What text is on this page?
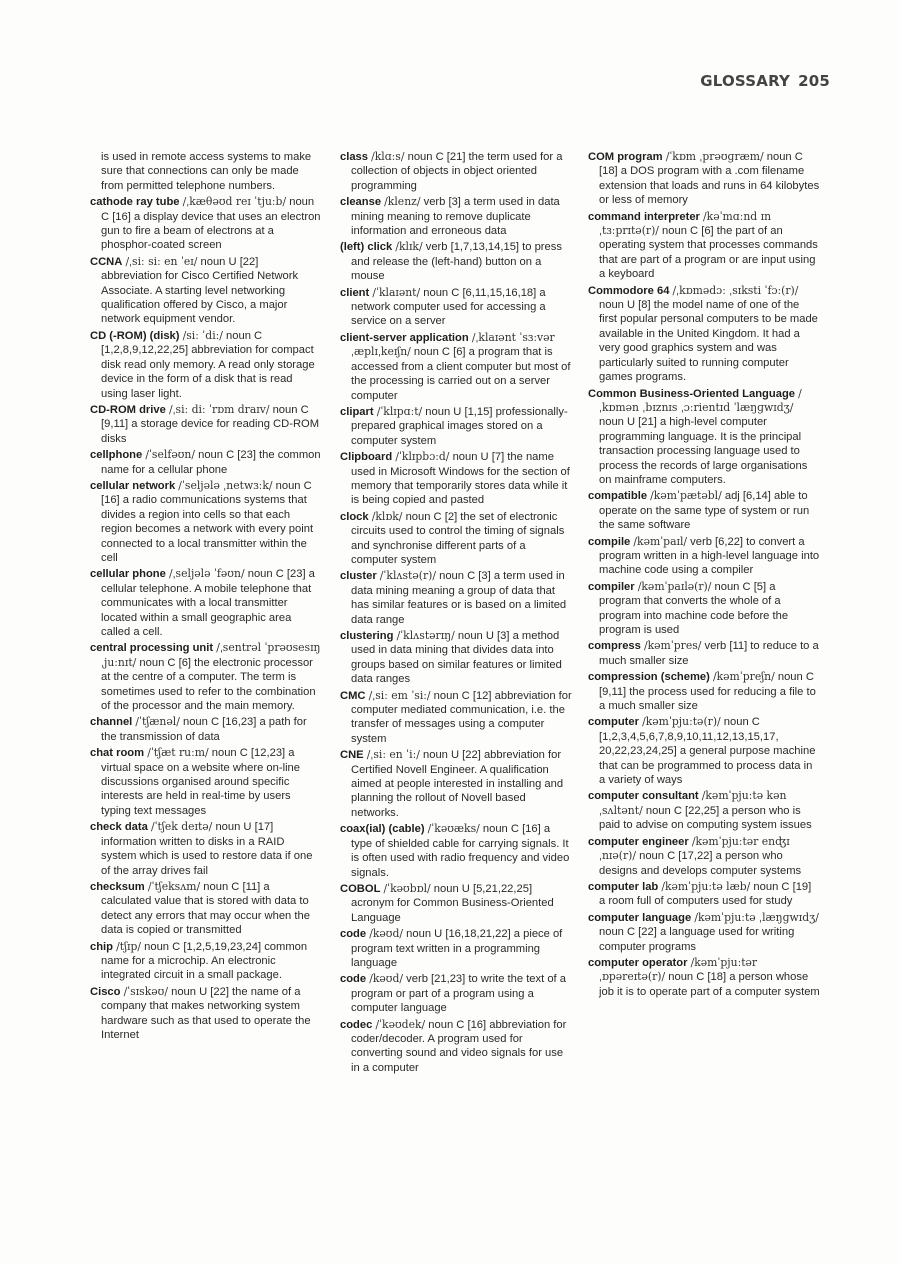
GLOSSARY 205

is used in remote access systems to make sure that connections can only be made from permitted telephone numbers.

cathode ray tube /ˌkæθəʊd reɪ ˈtjuːb/ noun C [16] a display device that uses an electron gun to fire a beam of electrons at a phosphor-coated screen

CCNA /ˌsiː siː en ˈeɪ/ noun U [22] abbreviation for Cisco Certified Network Associate. A starting level networking qualification offered by Cisco, a major network equipment vendor.

CD (-ROM) (disk) /siː ˈdiː/ noun C [1,2,8,9,12,22,25] abbreviation for compact disk read only memory. A read only storage device in the form of a disk that is read using laser light.

CD-ROM drive /ˌsiː diː ˈrɒm draɪv/ noun C [9,11] a storage device for reading CD-ROM disks

cellphone /ˈselfəʊn/ noun C [23] the common name for a cellular phone

cellular network /ˈseljələ ˌnetwɜːk/ noun C [16] a radio communications systems that divides a region into cells so that each region becomes a network with every point connected to a local transmitter within the cell

cellular phone /ˌseljələ ˈfəʊn/ noun C [23] a cellular telephone. A mobile telephone that communicates with a local transmitter located within a small geographic area called a cell.

central processing unit /ˌsentrəl ˈprəʊsesɪŋ ˌjuːnɪt/ noun C [6] the electronic processor at the centre of a computer. The term is sometimes used to refer to the combination of the processor and the main memory.

channel /ˈtʃænəl/ noun C [16,23] a path for the transmission of data

chat room /ˈtʃæt ruːm/ noun C [12,23] a virtual space on a website where on-line discussions organised around specific interests are held in real-time by users typing text messages

check data /ˈtʃek deɪtə/ noun U [17] information written to disks in a RAID system which is used to restore data if one of the array drives fail

checksum /ˈtʃeksʌm/ noun C [11] a calculated value that is stored with data to detect any errors that may occur when the data is copied or transmitted

chip /tʃɪp/ noun C [1,2,5,19,23,24] common name for a microchip. An electronic integrated circuit in a small package.

Cisco /ˈsɪskəʊ/ noun U [22] the name of a company that makes networking system hardware such as that used to operate the Internet

class /klɑːs/ noun C [21] the term used for a collection of objects in object oriented programming

cleanse /klenz/ verb [3] a term used in data mining meaning to remove duplicate information and erroneous data

(left) click /klɪk/ verb [1,7,13,14,15] to press and release the (left-hand) button on a mouse

client /ˈklaɪənt/ noun C [6,11,15,16,18] a network computer used for accessing a service on a server

client-server application /ˌklaɪənt ˈsɜːvər ˌæplɪˌkeɪʃn/ noun C [6] a program that is accessed from a client computer but most of the processing is carried out on a server computer

clipart /ˈklɪpɑːt/ noun U [1,15] professionally-prepared graphical images stored on a computer system

Clipboard /ˈklɪpbɔːd/ noun U [7] the name used in Microsoft Windows for the section of memory that temporarily stores data while it is being copied and pasted

clock /klɒk/ noun C [2] the set of electronic circuits used to control the timing of signals and synchronise different parts of a computer system

cluster /ˈklʌstə(r)/ noun C [3] a term used in data mining meaning a group of data that has similar features or is based on a limited data range

clustering /ˈklʌstərɪŋ/ noun U [3] a method used in data mining that divides data into groups based on similar features or limited data ranges

CMC /ˌsiː em ˈsiː/ noun C [12] abbreviation for computer mediated communication, i.e. the transfer of messages using a computer system

CNE /ˌsiː en ˈiː/ noun U [22] abbreviation for Certified Novell Engineer. A qualification aimed at people interested in installing and planning the rollout of Novell based networks.

coax(ial) (cable) /ˈkəʊæks/ noun C [16] a type of shielded cable for carrying signals. It is often used with radio frequency and video signals.

COBOL /ˈkəʊbɒl/ noun U [5,21,22,25] acronym for Common Business-Oriented Language

code /kəʊd/ noun U [16,18,21,22] a piece of program text written in a programming language

code /kəʊd/ verb [21,23] to write the text of a program or part of a program using a computer language

codec /ˈkəʊdek/ noun C [16] abbreviation for coder/decoder. A program used for converting sound and video signals for use in a computer

COM program /ˈkɒm ˌprəʊɡræm/ noun C [18] a DOS program with a .com filename extension that loads and runs in 64 kilobytes or less of memory

command interpreter /kəˈmɑːnd ɪnˌtɜːprɪtə(r)/ noun C [6] the part of an operating system that processes commands that are part of a program or are input using a keyboard

Commodore 64 /ˌkɒmədɔː ˌsɪksti ˈfɔː(r)/ noun U [8] the model name of one of the first popular personal computers to be made available in the United Kingdom. It had a very good graphics system and was particularly suited to running computer games programs.

Common Business-Oriented Language /ˌkɒmən ˌbɪznɪs ˌɔːrientɪd ˈlæŋɡwɪdʒ/ noun U [21] a high-level computer programming language. It is the principal transaction processing language used to process the records of large organisations on mainframe computers.

compatible /kəmˈpætəbl/ adj [6,14] able to operate on the same type of system or run the same software

compile /kəmˈpaɪl/ verb [6,22] to convert a program written in a high-level language into machine code using a compiler

compiler /kəmˈpaɪlə(r)/ noun C [5] a program that converts the whole of a program into machine code before the program is used

compress /kəmˈpres/ verb [11] to reduce to a much smaller size

compression (scheme) /kəmˈpreʃn/ noun C [9,11] the process used for reducing a file to a much smaller size

computer /kəmˈpjuːtə(r)/ noun C [1,2,3,4,5,6,7,8,9,10,11,12,13,15,17, 20,22,23,24,25] a general purpose machine that can be programmed to process data in a variety of ways

computer consultant /kəmˈpjuːtə kənˌsʌltənt/ noun C [22,25] a person who is paid to advise on computing system issues

computer engineer /kəmˈpjuːtər enʤɪˌnɪə(r)/ noun C [17,22] a person who designs and develops computer systems

computer lab /kəmˈpjuːtə læb/ noun C [19] a room full of computers used for study

computer language /kəmˈpjuːtə ˌlæŋɡwɪdʒ/ noun C [22] a language used for writing computer programs

computer operator /kəmˈpjuːtər ˌɒpəreɪtə(r)/ noun C [18] a person whose job it is to operate part of a computer system
